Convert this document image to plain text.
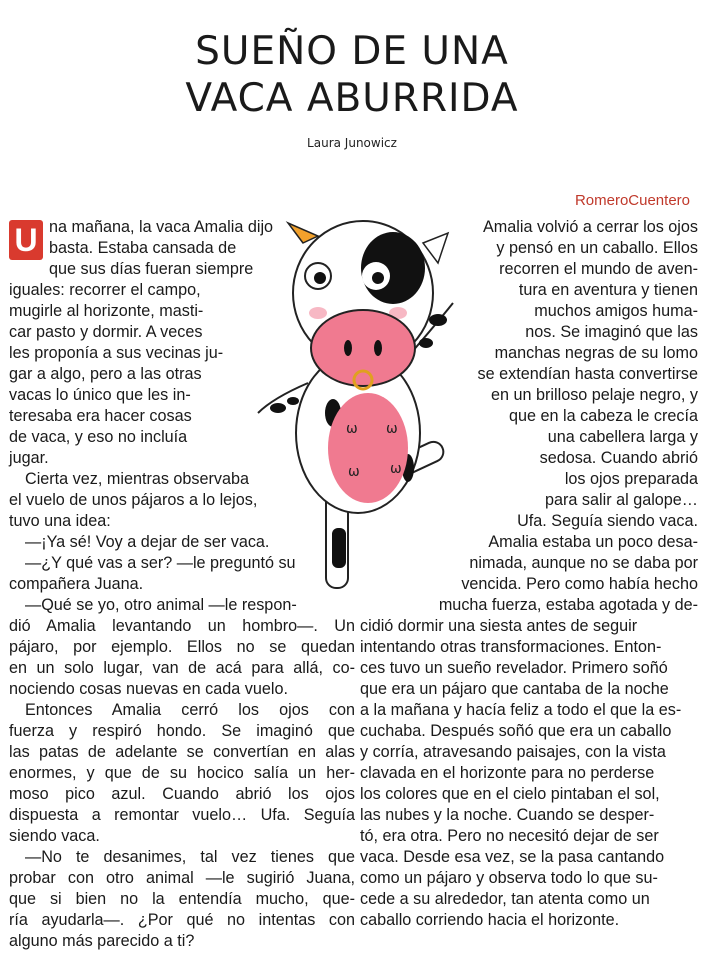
SUEÑO DE UNA
VACA ABURRIDA
Laura Junowicz
RomeroCuentero
ω ω
ω ω
U na mañana, la vaca Amalia dijo
basta. Estaba cansada de
que sus días fueran siempre
iguales: recorrer el campo,
mugirle al horizonte, masti-
car pasto y dormir. A veces
les proponía a sus vecinas ju-
gar a algo, pero a las otras
vacas lo único que les in-
teresaba era hacer cosas
de vaca, y eso no incluía
jugar.
Cierta vez, mientras observaba
el vuelo de unos pájaros a lo lejos,
tuvo una idea:
—¡Ya sé! Voy a dejar de ser vaca.
—¿Y qué vas a ser? —le preguntó su
compañera Juana.
—Qué se yo, otro animal —le respon-
dió Amalia levantando un hombro—. Un
pájaro, por ejemplo. Ellos no se quedan
en un solo lugar, van de acá para allá, co-
nociendo cosas nuevas en cada vuelo.
Entonces Amalia cerró los ojos con
fuerza y respiró hondo. Se imaginó que
las patas de adelante se convertían en alas
enormes, y que de su hocico salía un her-
moso pico azul. Cuando abrió los ojos
dispuesta a remontar vuelo… Ufa. Seguía
siendo vaca.
—No te desanimes, tal vez tienes que
probar con otro animal —le sugirió Juana,
que si bien no la entendía mucho, que-
ría ayudarla—. ¿Por qué no intentas con
alguno más parecido a ti?
Amalia volvió a cerrar los ojos
y pensó en un caballo. Ellos
recorren el mundo de aven-
tura en aventura y tienen
muchos amigos huma-
nos. Se imaginó que las
manchas negras de su lomo
se extendían hasta convertirse
en un brilloso pelaje negro, y
que en la cabeza le crecía
una cabellera larga y
sedosa. Cuando abrió
los ojos preparada
para salir al galope…
Ufa. Seguía siendo vaca.
Amalia estaba un poco desa-
nimada, aunque no se daba por
vencida. Pero como había hecho
mucha fuerza, estaba agotada y de-
cidió dormir una siesta antes de seguir
intentando otras transformaciones. Enton-
ces tuvo un sueño revelador. Primero soñó
que era un pájaro que cantaba de la noche
a la mañana y hacía feliz a todo el que la es-
cuchaba. Después soñó que era un caballo
y corría, atravesando paisajes, con la vista
clavada en el horizonte para no perderse
los colores que en el cielo pintaban el sol,
las nubes y la noche. Cuando se desper-
tó, era otra. Pero no necesitó dejar de ser
vaca. Desde esa vez, se la pasa cantando
como un pájaro y observa todo lo que su-
cede a su alrededor, tan atenta como un
caballo corriendo hacia el horizonte.
